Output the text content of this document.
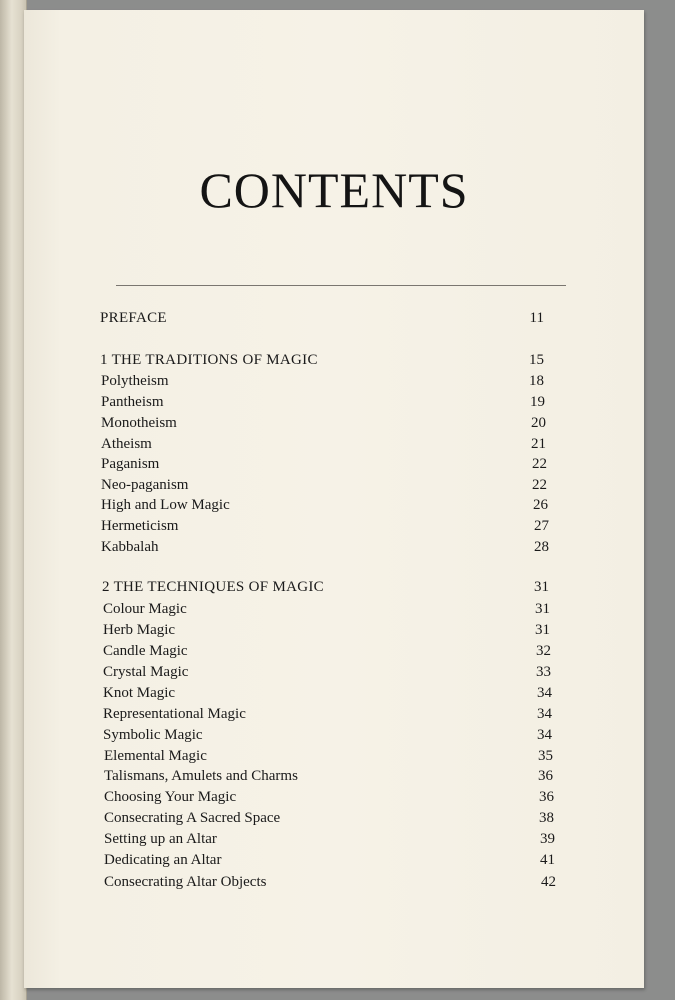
CONTENTS
PREFACE	11
1 THE TRADITIONS OF MAGIC	15
Polytheism	18
Pantheism	19
Monotheism	20
Atheism	21
Paganism	22
Neo-paganism	22
High and Low Magic	26
Hermeticism	27
Kabbalah	28
2 THE TECHNIQUES OF MAGIC	31
Colour Magic	31
Herb Magic	31
Candle Magic	32
Crystal Magic	33
Knot Magic	34
Representational Magic	34
Symbolic Magic	34
Elemental Magic	35
Talismans, Amulets and Charms	36
Choosing Your Magic	36
Consecrating A Sacred Space	38
Setting up an Altar	39
Dedicating an Altar	41
Consecrating Altar Objects	42
